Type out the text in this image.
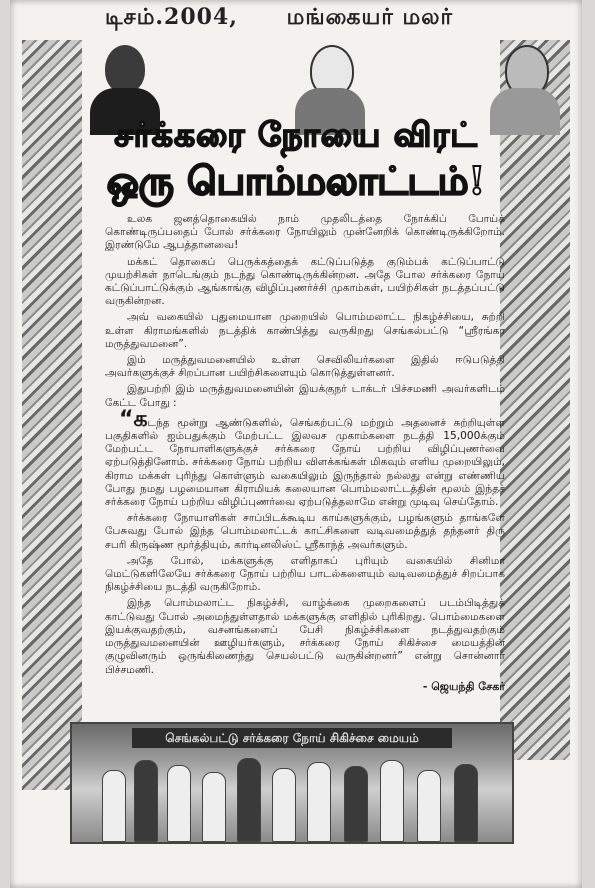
டிசம்.2004, மங்கையர் மலர்
சர்க்கரை நோயை விரட்
ஒரு பொம்மலாட்டம்!

உலக ஜனத்தொகையில் நாம் முதலிடத்தை நோக்கிப் போய்க் கொண்டிருப்பதைப் போல் சர்க்கரை நோயிலும் முன்னேறிக் கொண்டிருக்கிறோம். இரண்டுமே ஆபத்தானவை!

மக்கட் தொகைப் பெருக்கத்தைக் கட்டுப்படுத்த குடும்பக் கட்டுப்பாட்டு முயற்சிகள் நாடெங்கும் நடந்து கொண்டிருக்கின்றன. அதே போல சர்க்கரை நோய் கட்டுப்பாட்டுக்கும் ஆங்காங்கு விழிப்புணர்ச்சி முகாம்கள், பயிற்சிகள் நடத்தப்பட்டு வருகின்றன.

அவ் வகையில் புதுமையான முறையில் பொம்மலாட்ட நிகழ்ச்சியை, சுற்றி உள்ள கிராமங்களில் நடத்திக் காண்பித்து வருகிறது செங்கல்பட்டு “ஸ்ரீரங்கா மருத்துவமனை”.

இம் மருத்துவமனையில் உள்ள செவிலியர்களை இதில் ஈடுபடுத்தி அவர்களுக்குச் சிறப்பான பயிற்சிகளையும் கொடுத்துள்ளனர்.

இதுபற்றி இம் மருத்துவமனையின் இயக்குநர் டாக்டர் பிச்சமணி அவர்களிடம் கேட்ட போது :

“கடந்த மூன்று ஆண்டுகளில், செங்கற்பட்டு மற்றும் அதனைச் சுற்றியுள்ள பகுதிகளில் ஐம்பதுக்கும் மேற்பட்ட இலவச முகாம்களை நடத்தி 15,000க்கும் மேற்பட்ட நோயாளிகளுக்குச் சர்க்கரை நோய் பற்றிய விழிப்புணர்வை ஏற்படுத்தினோம். சர்க்கரை நோய் பற்றிய விளக்கங்கள் மிகவும் எளிய முறையிலும், கிராம மக்கள் புரிந்து கொள்ளும் வகையிலும் இருந்தால் நல்லது என்று எண்ணிய போது நமது பழமையான கிராமியக் கலையான பொம்மலாட்டத்தின் மூலம் இந்தச் சர்க்கரை நோய் பற்றிய விழிப்புணர்வை ஏற்படுத்தலாமே என்று முடிவு செய்தோம்.

சர்க்கரை நோயாளிகள் சாப்பிடக்கூடிய காய்களுக்கும், பழங்களும் தாங்களே பேசுவது போல் இந்த பொம்மலாட்டக் காட்சிகளை வடிவமைத்துத் தந்தனர் திரு சபரி கிருஷ்ண மூர்த்தியும், கார்டினலிஸ்ட் ஸ்ரீகாந்த் அவர்களும்.

அதே போல், மக்களுக்கு எளிதாகப் புரியும் வகையில் சினிமா மெட்டுகளிலேயே சர்க்கரை நோய் பற்றிய பாடல்களையும் வடிவமைத்துச் சிறப்பாக நிகழ்ச்சியை நடத்தி வருகிறோம்.

இந்த பொம்மலாட்ட நிகழ்ச்சி, வாழ்க்கை முறைகளைப் படம்பிடித்துக் காட்டுவது போல் அமைந்துள்ளதால் மக்களுக்கு எளிதில் புரிகிறது. பொம்மைகளை இயக்குவதற்கும், வசனங்களைப் பேசி நிகழ்ச்சிகளை நடத்துவதற்கும் மருத்துவமனையின் ஊழியர்களும், சர்க்கரை நோய் சிகிச்சை மையத்தின் குழுவினரும் ஒருங்கிணைந்து செயல்பட்டு வருகின்றனர்” என்று சொன்னார் பிச்சமணி.

- ஜெயந்தி சேகர்
செங்கல்பட்டு சர்க்கரை நோய் சிகிச்சை மையம்
